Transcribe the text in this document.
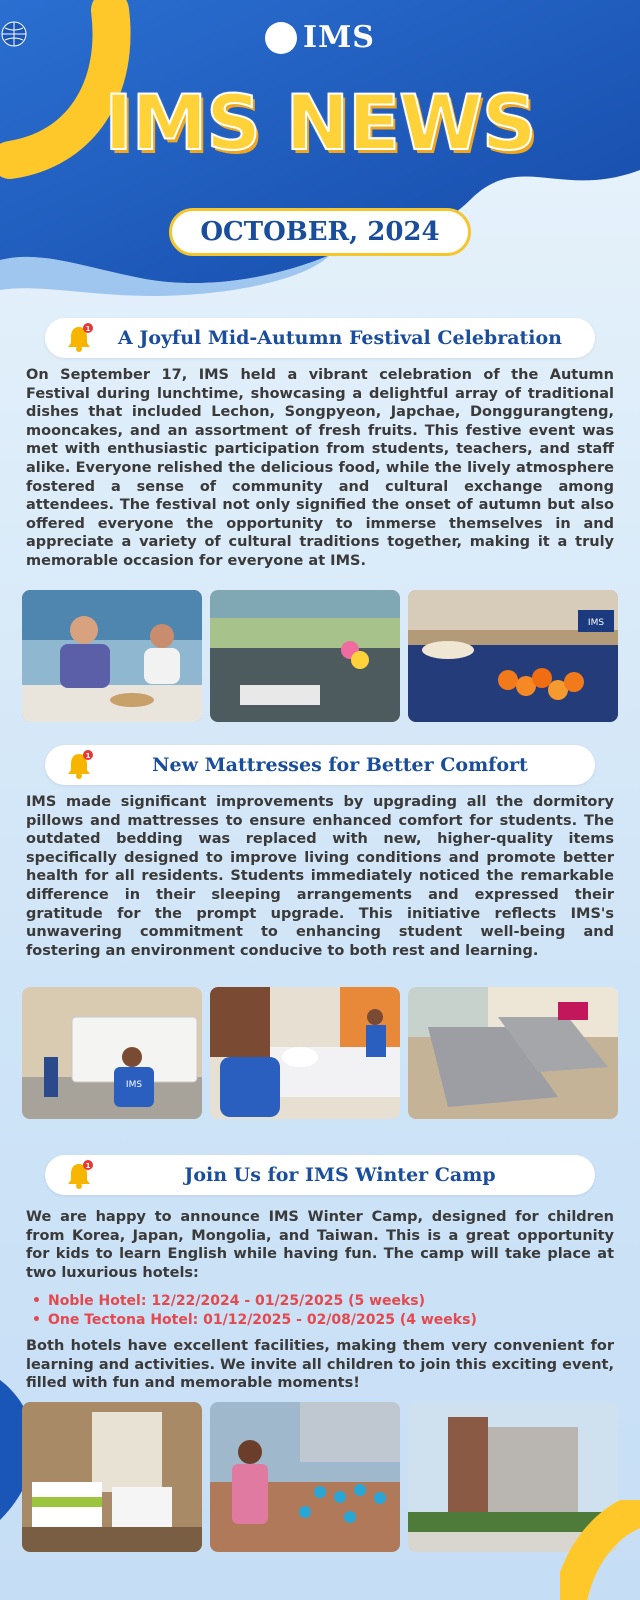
IMS
IMS NEWS
OCTOBER, 2024
1	A Joyful Mid-Autumn Festival Celebration

On September 17, IMS held a vibrant celebration of the Autumn Festival during lunchtime, showcasing a delightful array of traditional dishes that included Lechon, Songpyeon, Japchae, Donggurangteng, mooncakes, and an assortment of fresh fruits. This festive event was met with enthusiastic participation from students, teachers, and staff alike. Everyone relished the delicious food, while the lively atmosphere fostered a sense of community and cultural exchange among attendees. The festival not only signified the onset of autumn but also offered everyone the opportunity to immerse themselves in and appreciate a variety of cultural traditions together, making it a truly memorable occasion for everyone at IMS.

IMS
1	New Mattresses for Better Comfort

IMS made significant improvements by upgrading all the dormitory pillows and mattresses to ensure enhanced comfort for students. The outdated bedding was replaced with new, higher-quality items specifically designed to improve living conditions and promote better health for all residents. Students immediately noticed the remarkable difference in their sleeping arrangements and expressed their gratitude for the prompt upgrade. This initiative reflects IMS's unwavering commitment to enhancing student well-being and fostering an environment conducive to both rest and learning.

IMS
1	Join Us for IMS Winter Camp

We are happy to announce IMS Winter Camp, designed for children from Korea, Japan, Mongolia, and Taiwan. This is a great opportunity for kids to learn English while having fun. The camp will take place at two luxurious hotels:

• Noble Hotel: 12/22/2024 - 01/25/2025 (5 weeks)
• One Tectona Hotel: 01/12/2025 - 02/08/2025 (4 weeks)

Both hotels have excellent facilities, making them very convenient for learning and activities. We invite all children to join this exciting event, filled with fun and memorable moments!
